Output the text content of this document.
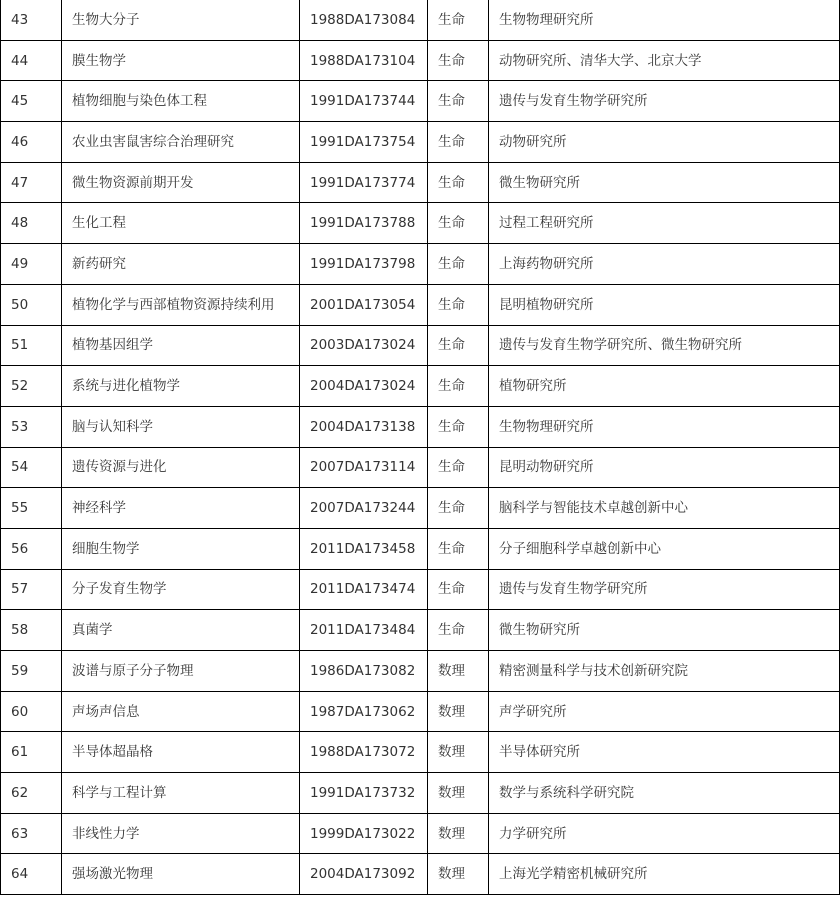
43	生物大分子	1988DA173084	生命	生物物理研究所
44	膜生物学	1988DA173104	生命	动物研究所、清华大学、北京大学
45	植物细胞与染色体工程	1991DA173744	生命	遗传与发育生物学研究所
46	农业虫害鼠害综合治理研究	1991DA173754	生命	动物研究所
47	微生物资源前期开发	1991DA173774	生命	微生物研究所
48	生化工程	1991DA173788	生命	过程工程研究所
49	新药研究	1991DA173798	生命	上海药物研究所
50	植物化学与西部植物资源持续利用	2001DA173054	生命	昆明植物研究所
51	植物基因组学	2003DA173024	生命	遗传与发育生物学研究所、微生物研究所
52	系统与进化植物学	2004DA173024	生命	植物研究所
53	脑与认知科学	2004DA173138	生命	生物物理研究所
54	遗传资源与进化	2007DA173114	生命	昆明动物研究所
55	神经科学	2007DA173244	生命	脑科学与智能技术卓越创新中心
56	细胞生物学	2011DA173458	生命	分子细胞科学卓越创新中心
57	分子发育生物学	2011DA173474	生命	遗传与发育生物学研究所
58	真菌学	2011DA173484	生命	微生物研究所
59	波谱与原子分子物理	1986DA173082	数理	精密测量科学与技术创新研究院
60	声场声信息	1987DA173062	数理	声学研究所
61	半导体超晶格	1988DA173072	数理	半导体研究所
62	科学与工程计算	1991DA173732	数理	数学与系统科学研究院
63	非线性力学	1999DA173022	数理	力学研究所
64	强场激光物理	2004DA173092	数理	上海光学精密机械研究所
